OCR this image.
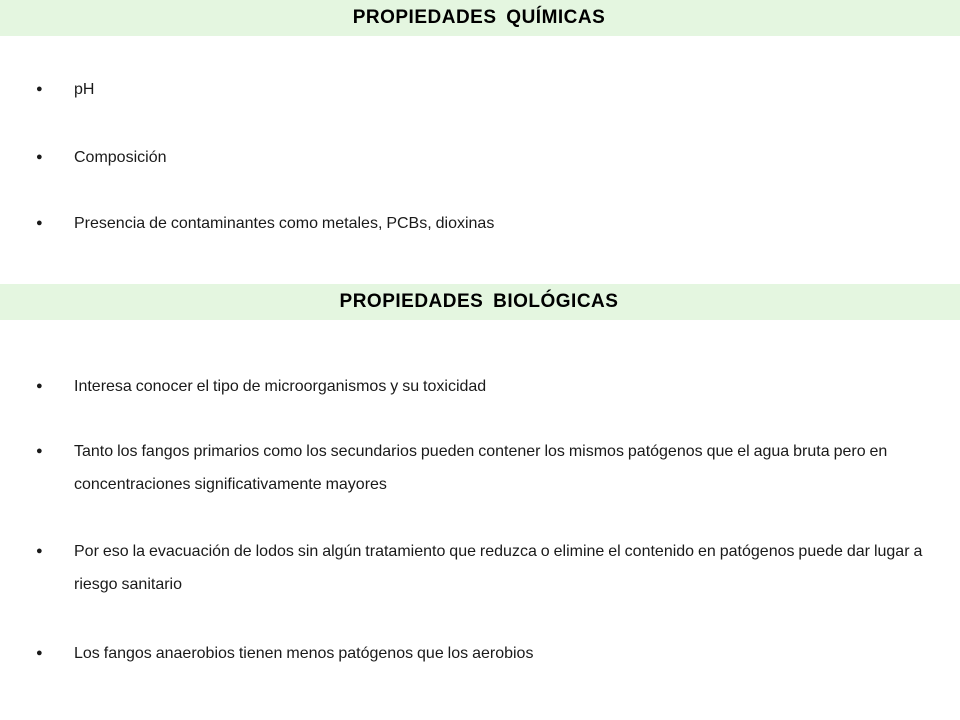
PROPIEDADES QUÍMICAS
● pH
● Composición
● Presencia de contaminantes como metales, PCBs, dioxinas
PROPIEDADES BIOLÓGICAS
● Interesa conocer el tipo de microorganismos y su toxicidad
● Tanto los fangos primarios como los secundarios pueden contener los mismos patógenos que el agua bruta pero en concentraciones significativamente mayores
● Por eso la evacuación de lodos sin algún tratamiento que reduzca o elimine el contenido en patógenos puede dar lugar a riesgo sanitario
● Los fangos anaerobios tienen menos patógenos que los aerobios
